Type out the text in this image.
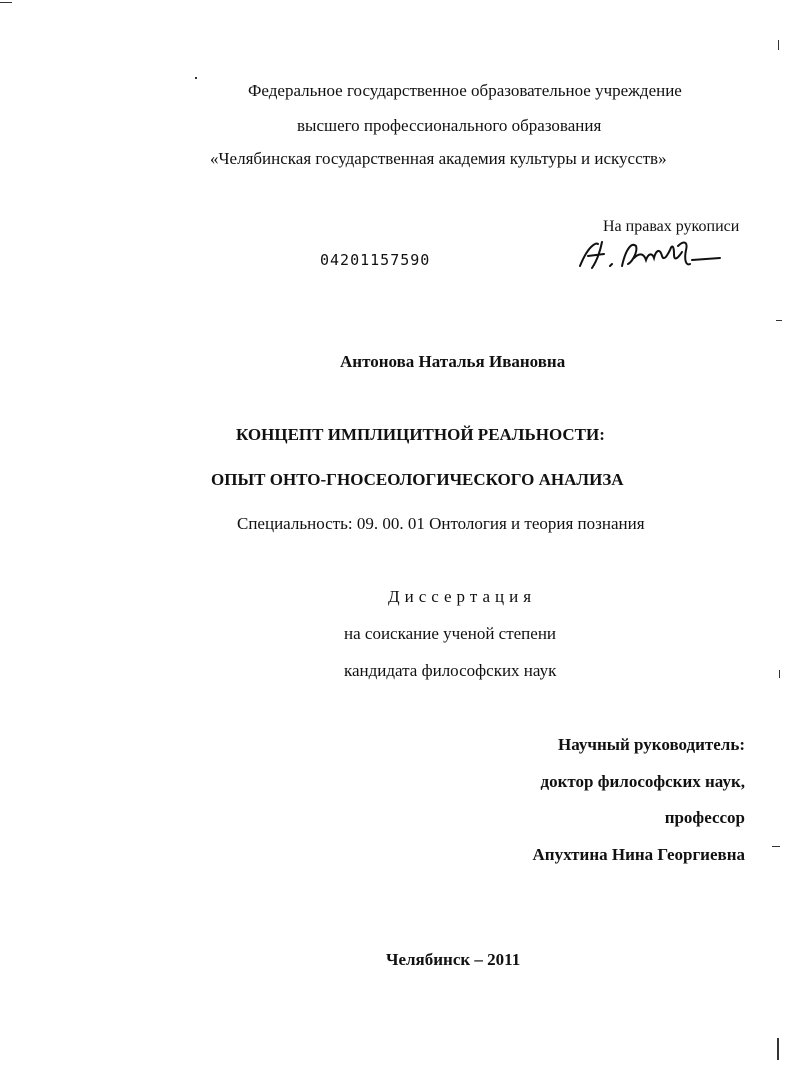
Федеральное государственное образовательное учреждение
высшего профессионального образования
«Челябинская государственная академия культуры и искусств»
На правах рукописи
04201157590
Антонова Наталья Ивановна
КОНЦЕПТ ИМПЛИЦИТНОЙ РЕАЛЬНОСТИ:
ОПЫТ ОНТО-ГНОСЕОЛОГИЧЕСКОГО АНАЛИЗА
Специальность: 09. 00. 01 Онтология и теория познания
Диссертация
на соискание ученой степени
кандидата философских наук
Научный руководитель:
доктор философских наук,
профессор
Апухтина Нина Георгиевна
Челябинск – 2011
